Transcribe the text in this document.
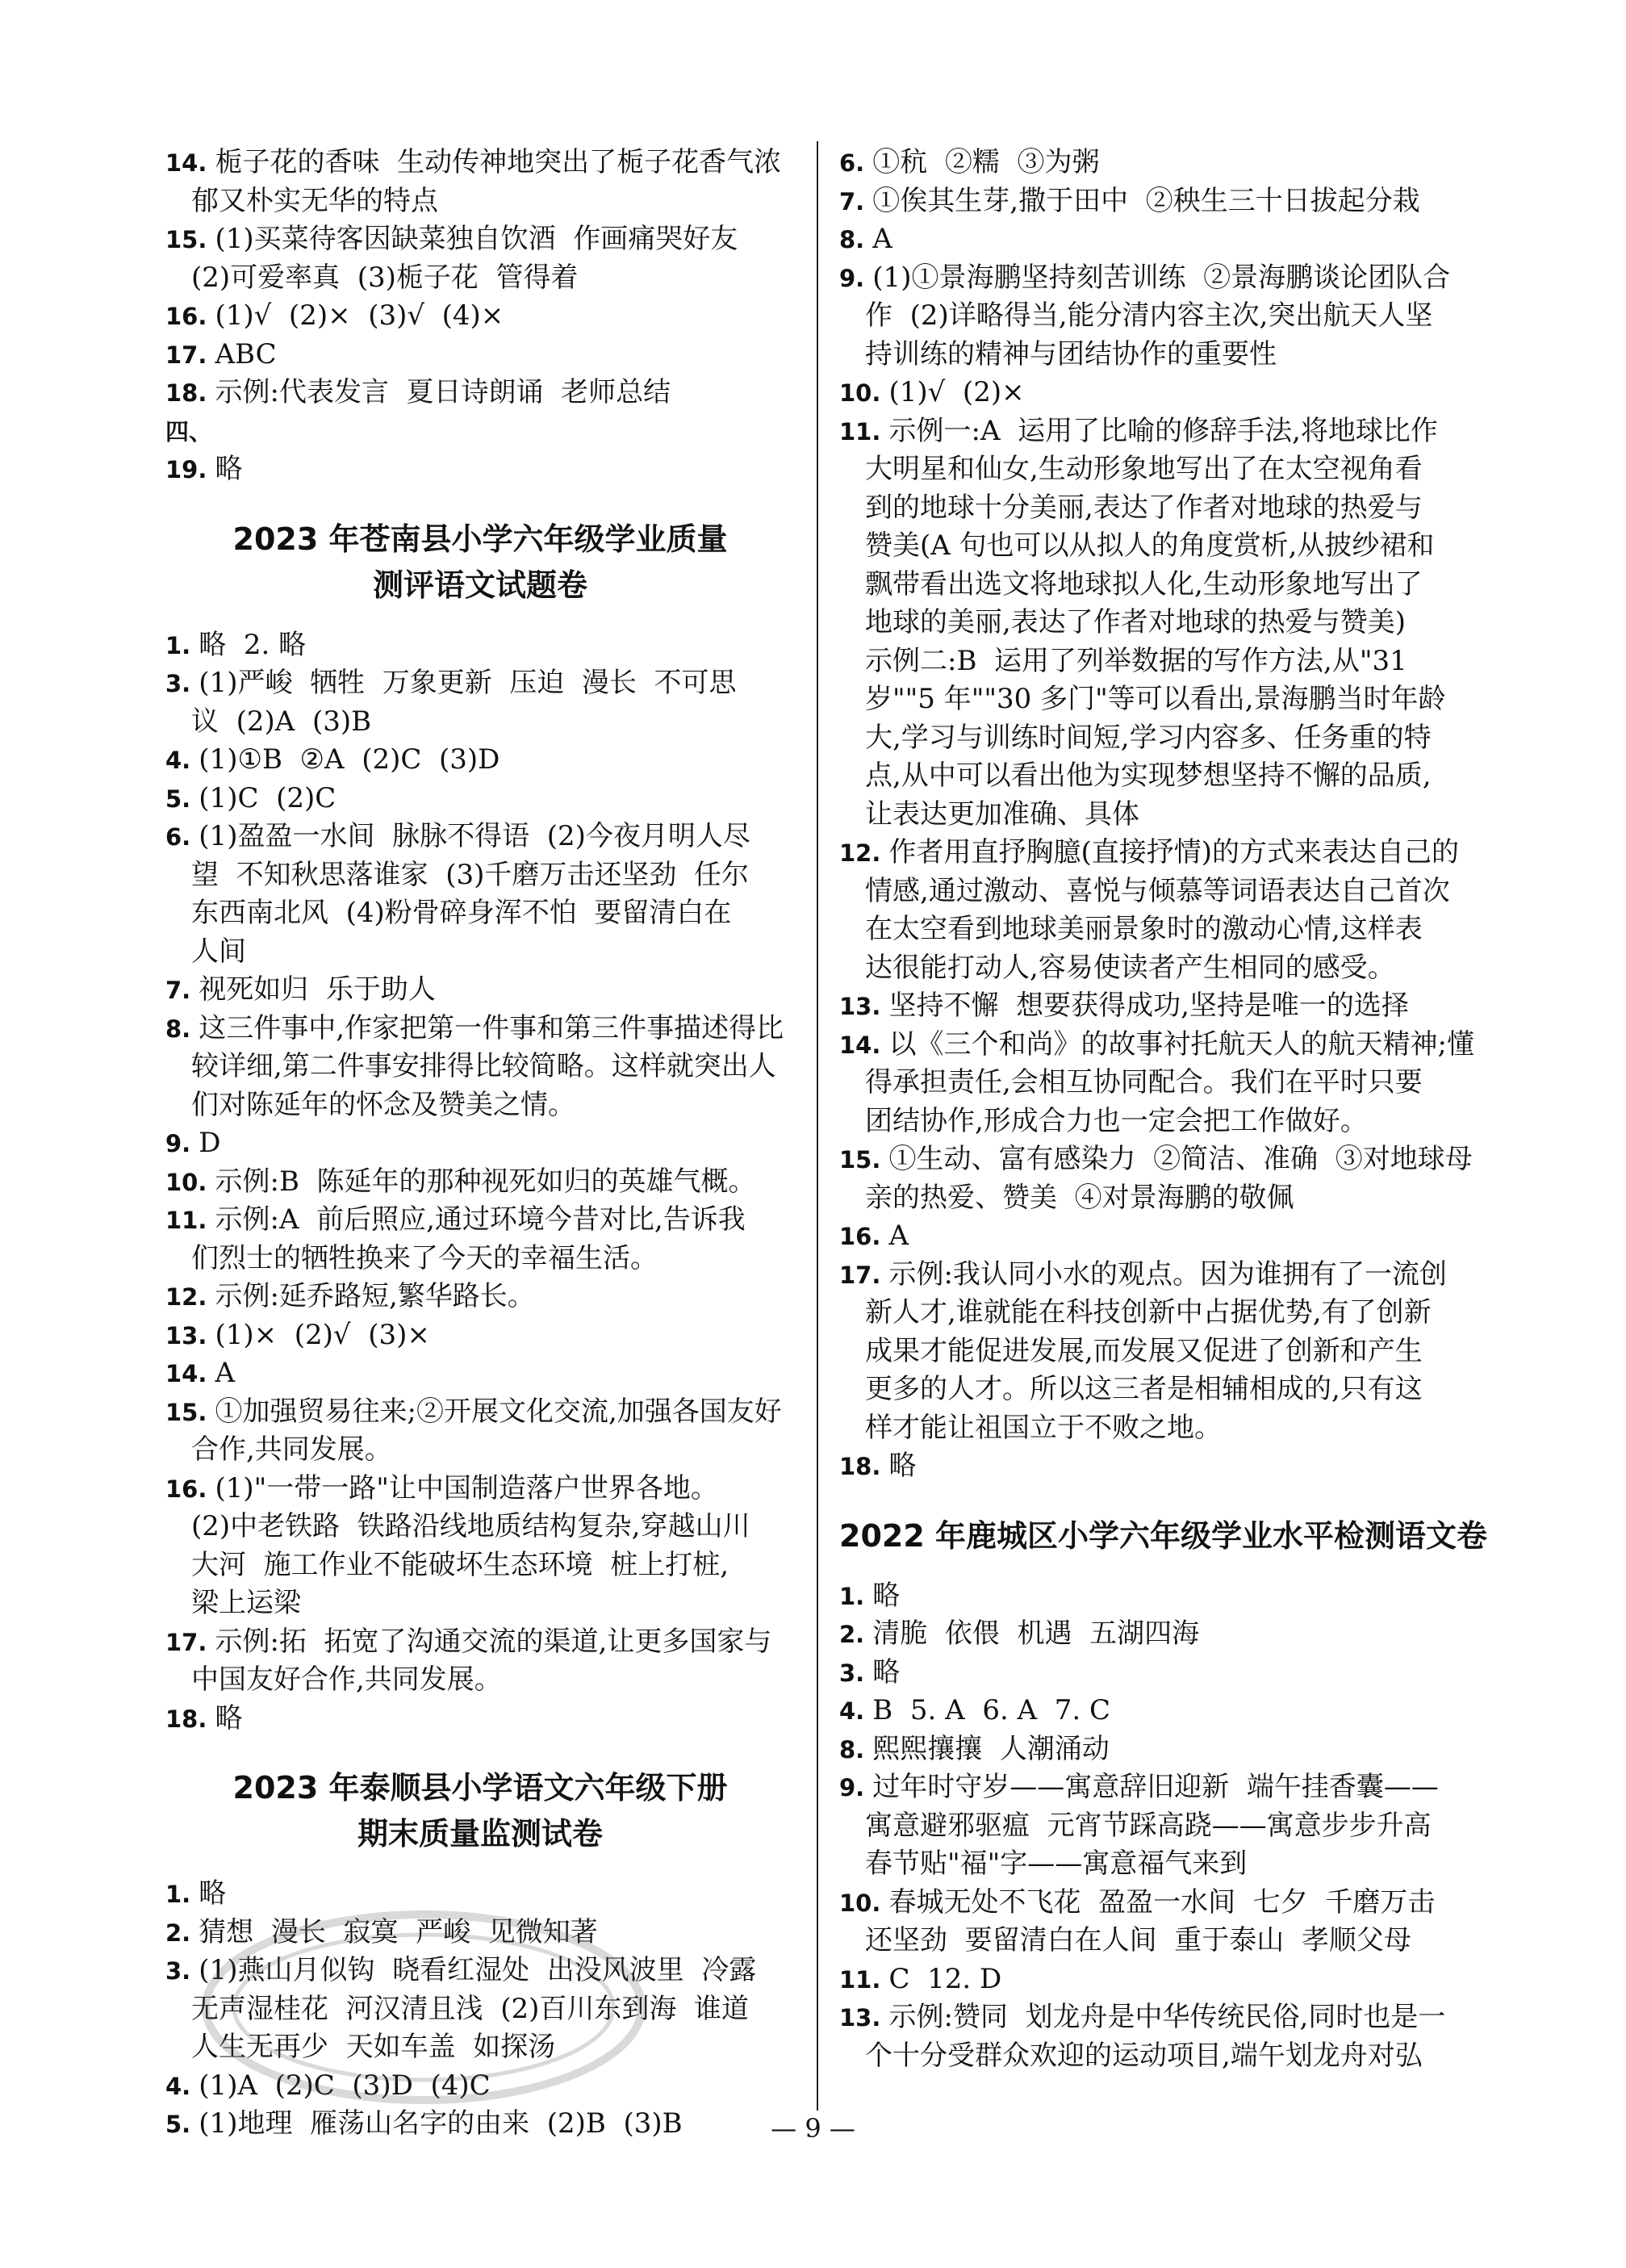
14. 栀子花的香味  生动传神地突出了栀子花香气浓
郁又朴实无华的特点
15. (1)买菜待客因缺菜独自饮酒  作画痛哭好友
(2)可爱率真  (3)栀子花  管得着
16. (1)√  (2)×  (3)√  (4)×
17. ABC
18. 示例:代表发言  夏日诗朗诵  老师总结
四、
19. 略
2023 年苍南县小学六年级学业质量
测评语文试题卷
1. 略  2. 略
3. (1)严峻  牺牲  万象更新  压迫  漫长  不可思
议  (2)A  (3)B
4. (1)①B  ②A  (2)C  (3)D
5. (1)C  (2)C
6. (1)盈盈一水间  脉脉不得语  (2)今夜月明人尽
望  不知秋思落谁家  (3)千磨万击还坚劲  任尔
东西南北风  (4)粉骨碎身浑不怕  要留清白在
人间
7. 视死如归  乐于助人
8. 这三件事中,作家把第一件事和第三件事描述得比
较详细,第二件事安排得比较简略。这样就突出人
们对陈延年的怀念及赞美之情。
9. D
10. 示例:B  陈延年的那种视死如归的英雄气概。
11. 示例:A  前后照应,通过环境今昔对比,告诉我
们烈士的牺牲换来了今天的幸福生活。
12. 示例:延乔路短,繁华路长。
13. (1)×  (2)√  (3)×
14. A
15. ①加强贸易往来;②开展文化交流,加强各国友好
合作,共同发展。
16. (1)"一带一路"让中国制造落户世界各地。
(2)中老铁路  铁路沿线地质结构复杂,穿越山川
大河  施工作业不能破坏生态环境  桩上打桩,
梁上运梁
17. 示例:拓  拓宽了沟通交流的渠道,让更多国家与
中国友好合作,共同发展。
18. 略
2023 年泰顺县小学语文六年级下册
期末质量监测试卷
1. 略
2. 猜想  漫长  寂寞  严峻  见微知著
3. (1)燕山月似钩  晓看红湿处  出没风波里  冷露
无声湿桂花  河汉清且浅  (2)百川东到海  谁道
人生无再少  天如车盖  如探汤
4. (1)A  (2)C  (3)D  (4)C
5. (1)地理  雁荡山名字的由来  (2)B  (3)B
6. ①秔  ②糯  ③为粥
7. ①俟其生芽,撒于田中  ②秧生三十日拔起分栽
8. A
9. (1)①景海鹏坚持刻苦训练  ②景海鹏谈论团队合
作  (2)详略得当,能分清内容主次,突出航天人坚
持训练的精神与团结协作的重要性
10. (1)√  (2)×
11. 示例一:A  运用了比喻的修辞手法,将地球比作
大明星和仙女,生动形象地写出了在太空视角看
到的地球十分美丽,表达了作者对地球的热爱与
赞美(A 句也可以从拟人的角度赏析,从披纱裙和
飘带看出选文将地球拟人化,生动形象地写出了
地球的美丽,表达了作者对地球的热爱与赞美)
示例二:B  运用了列举数据的写作方法,从"31
岁""5 年""30 多门"等可以看出,景海鹏当时年龄
大,学习与训练时间短,学习内容多、任务重的特
点,从中可以看出他为实现梦想坚持不懈的品质,
让表达更加准确、具体
12. 作者用直抒胸臆(直接抒情)的方式来表达自己的
情感,通过激动、喜悦与倾慕等词语表达自己首次
在太空看到地球美丽景象时的激动心情,这样表
达很能打动人,容易使读者产生相同的感受。
13. 坚持不懈  想要获得成功,坚持是唯一的选择
14. 以《三个和尚》的故事衬托航天人的航天精神;懂
得承担责任,会相互协同配合。我们在平时只要
团结协作,形成合力也一定会把工作做好。
15. ①生动、富有感染力  ②简洁、准确  ③对地球母
亲的热爱、赞美  ④对景海鹏的敬佩
16. A
17. 示例:我认同小水的观点。因为谁拥有了一流创
新人才,谁就能在科技创新中占据优势,有了创新
成果才能促进发展,而发展又促进了创新和产生
更多的人才。所以这三者是相辅相成的,只有这
样才能让祖国立于不败之地。
18. 略
2022 年鹿城区小学六年级学业水平检测语文卷
1. 略
2. 清脆  依偎  机遇  五湖四海
3. 略
4. B  5. A  6. A  7. C
8. 熙熙攘攘  人潮涌动
9. 过年时守岁——寓意辞旧迎新  端午挂香囊——
寓意避邪驱瘟  元宵节踩高跷——寓意步步升高
春节贴"福"字——寓意福气来到
10. 春城无处不飞花  盈盈一水间  七夕  千磨万击
还坚劲  要留清白在人间  重于泰山  孝顺父母
11. C  12. D
13. 示例:赞同  划龙舟是中华传统民俗,同时也是一
个十分受群众欢迎的运动项目,端午划龙舟对弘
— 9 —
